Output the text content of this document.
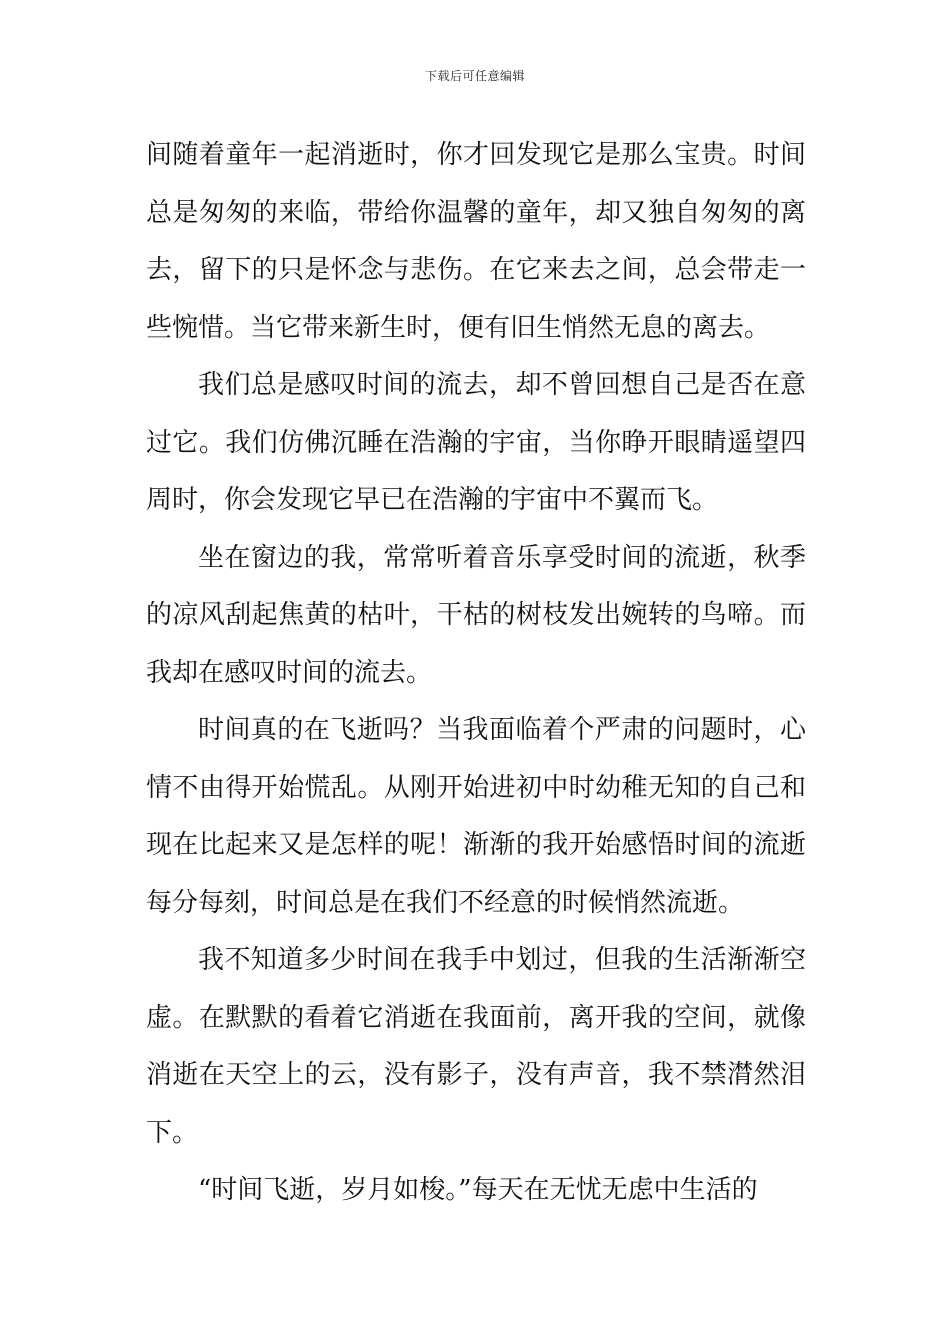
下载后可任意编辑

间随着童年一起消逝时，你才回发现它是那么宝贵。时间总是匆匆的来临，带给你温馨的童年，却又独自匆匆的离去，留下的只是怀念与悲伤。在它来去之间，总会带走一些惋惜。当它带来新生时，便有旧生悄然无息的离去。

我们总是感叹时间的流去，却不曾回想自己是否在意过它。我们仿佛沉睡在浩瀚的宇宙，当你睁开眼睛遥望四周时，你会发现它早已在浩瀚的宇宙中不翼而飞。

坐在窗边的我，常常听着音乐享受时间的流逝，秋季的凉风刮起焦黄的枯叶，干枯的树枝发出婉转的鸟啼。而我却在感叹时间的流去。

时间真的在飞逝吗？当我面临着个严肃的问题时，心情不由得开始慌乱。从刚开始进初中时幼稚无知的自己和现在比起来又是怎样的呢！渐渐的我开始感悟时间的流逝每分每刻，时间总是在我们不经意的时候悄然流逝。

我不知道多少时间在我手中划过，但我的生活渐渐空虚。在默默的看着它消逝在我面前，离开我的空间，就像消逝在天空上的云，没有影子，没有声音，我不禁潸然泪下。

“时间飞逝，岁月如梭。”每天在无忧无虑中生活的
